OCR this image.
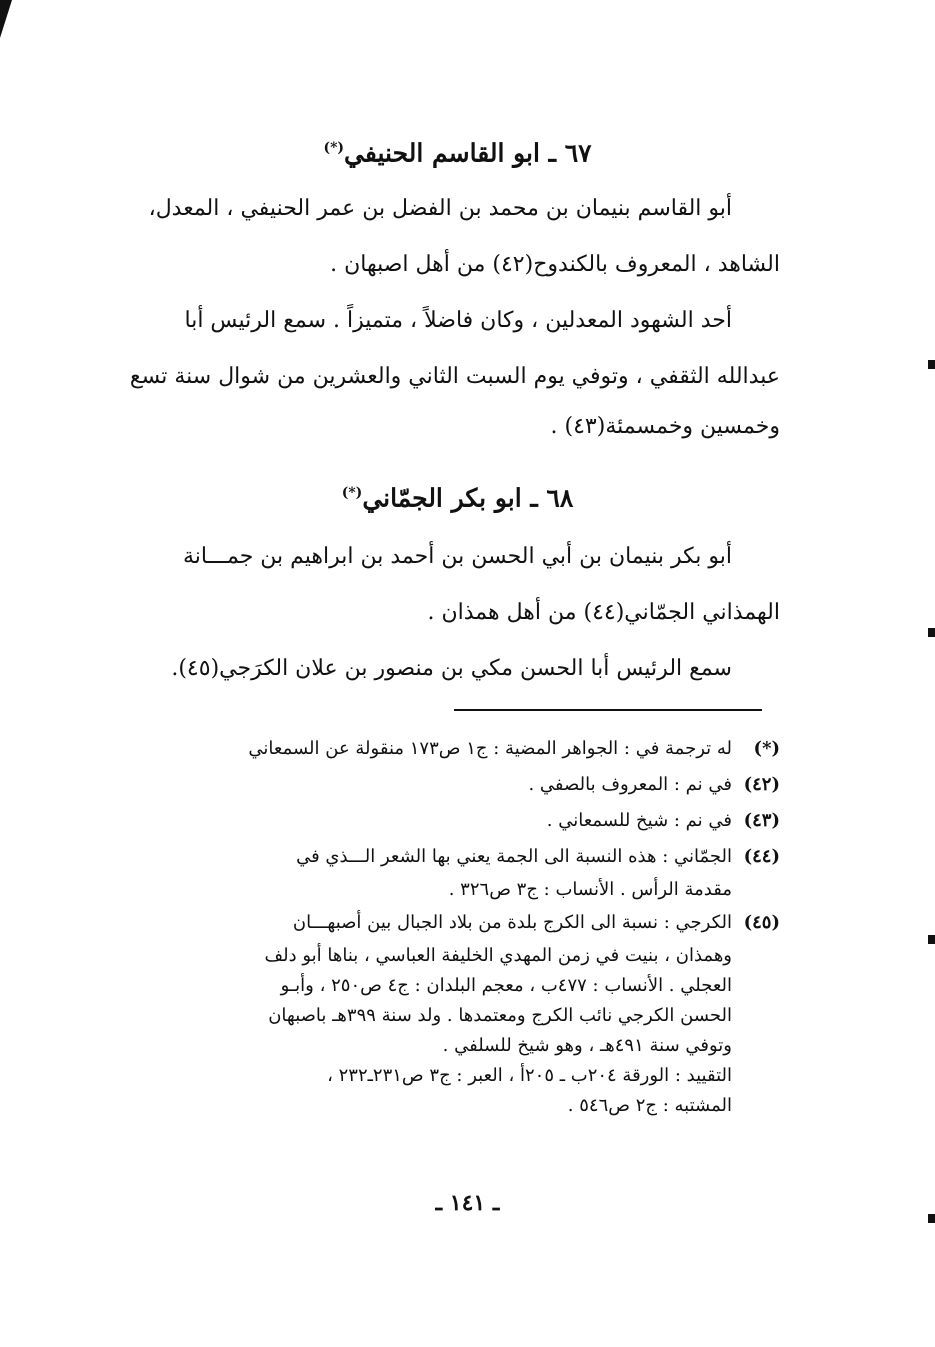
٦٧ ـ ابو القاسم الحنيفي(*)

أبو القاسم بنيمان بن محمد بن الفضل بن عمر الحنيفي ، المعدل،

الشاهد ، المعروف بالكندوح(٤٢) من أهل اصبهان .

أحد الشهود المعدلين ، وكان فاضلاً ، متميزاً . سمع الرئيس أبا

عبدالله الثقفي ، وتوفي يوم السبت الثاني والعشرين من شوال سنة تسع

وخمسين وخمسمئة(٤٣) .

٦٨ ـ ابو بكر الجمّاني(*)

أبو بكر بنيمان بن أبي الحسن بن أحمد بن ابراهيم بن جمـــانة

الهمذاني الجمّاني(٤٤) من أهل همذان .

سمع الرئيس أبا الحسن مكي بن منصور بن علان الكرَجي(٤٥).

(*)له ترجمة في : الجواهر المضية : ج١ ص١٧٣ منقولة عن السمعاني

(٤٢)في نم : المعروف بالصفي .

(٤٣)في نم : شيخ للسمعاني .

(٤٤)الجمّاني : هذه النسبة الى الجمة يعني بها الشعر الـــذي في

مقدمة الرأس . الأنساب : ج٣ ص٣٢٦ .

(٤٥)الكرجي : نسبة الى الكرج بلدة من بلاد الجبال بين أصبهـــان

وهمذان ، بنيت في زمن المهدي الخليفة العباسي ، بناها أبو دلف

العجلي . الأنساب : ٤٧٧ب ، معجم البلدان : ج٤ ص٢٥٠ ، وأبـو

الحسن الكرجي نائب الكرج ومعتمدها . ولد سنة ٣٩٩هـ باصبهان

وتوفي سنة ٤٩١هـ ، وهو شيخ للسلفي .

التقييد : الورقة ٢٠٤ب ـ ٢٠٥أ ، العبر : ج٣ ص٢٣١ـ٢٣٢ ،

المشتبه : ج٢ ص٥٤٦ .

ـ ١٤١ ـ
